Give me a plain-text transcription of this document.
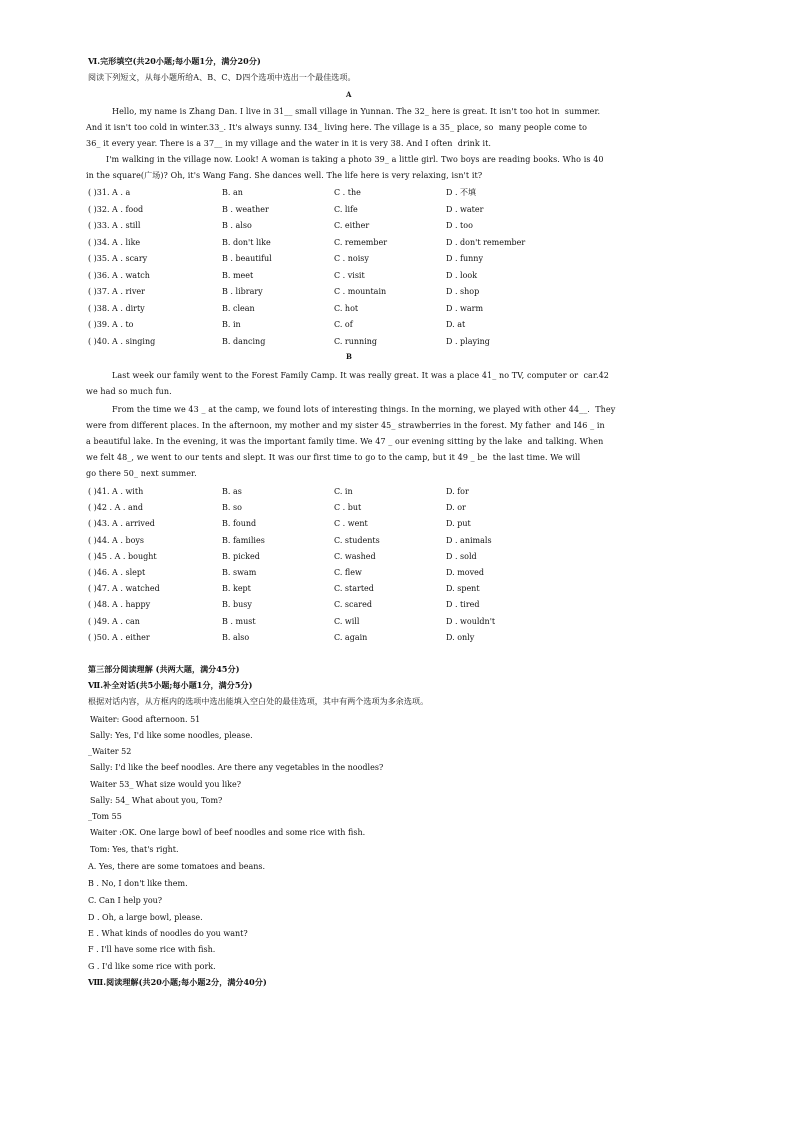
Ⅵ.完形填空(共20小题;每小题1分，满分20分)
阅读下列短文，从每小题所给A、B、C、D四个选项中选出一个最佳选项。
A
Hello, my name is Zhang Dan. I live in 31__ small village in Yunnan. The 32_ here is great. It isn't too hot in  summer.
And it isn't too cold in winter.33_. It's always sunny. I34_ living here. The village is a 35_ place, so  many people come to
36_ it every year. There is a 37__ in my village and the water in it is very 38. And I often  drink it.
I'm walking in the village now. Look! A woman is taking a photo 39_ a little girl. Two boys are reading books. Who is 40
in the square(广场)? Oh, it's Wang Fang. She dances well. The life here is very relaxing, isn't it?
( )31. A . a	B. an	C . the	D . 不填
( )32. A . food	B . weather	C. life	D . water
( )33. A . still	B . also	C. either	D . too
( )34. A . like	B. don't like	C. remember	D . don't remember
( )35. A . scary	B . beautiful	C . noisy	D . funny
( )36. A . watch	B. meet	C . visit	D . look
( )37. A . river	B . library	C . mountain	D . shop
( )38. A . dirty	B. clean	C. hot	D . warm
( )39. A . to	B. in	C. of	D. at
( )40. A . singing	B. dancing	C. running	D . playing
B
Last week our family went to the Forest Family Camp. It was really great. It was a place 41_ no TV, computer or  car.42
we had so much fun.
From the time we 43 _ at the camp, we found lots of interesting things. In the morning, we played with other 44__.  They
were from different places. In the afternoon, my mother and my sister 45_ strawberries in the forest. My father  and I46 _ in
a beautiful lake. In the evening, it was the important family time. We 47 _ our evening sitting by the lake  and talking. When
we felt 48_, we went to our tents and slept. It was our first time to go to the camp, but it 49 _ be  the last time. We will
go there 50_ next summer.
( )41. A . with	B. as	C. in	D. for
( )42 . A . and	B. so	C . but	D. or
( )43. A . arrived	B. found	C . went	D. put
( )44. A . boys	B. families	C. students	D . animals
( )45 . A . bought	B. picked	C. washed	D . sold
( )46. A . slept	B. swam	C. flew	D. moved
( )47. A . watched	B. kept	C. started	D. spent
( )48. A . happy	B. busy	C. scared	D . tired
( )49. A . can	B . must	C. will	D . wouldn't
( )50. A . either	B. also	C. again	D. only
第三部分阅读理解 (共两大题，满分45分)
Ⅶ.补全对话(共5小题;每小题1分，满分5分)
根据对话内容，从方框内的选项中选出能填入空白处的最佳选项，其中有两个选项为多余选项。
Waiter: Good afternoon. 51
Sally: Yes, I'd like some noodles, please.
_Waiter 52
Sally: I'd like the beef noodles. Are there any vegetables in the noodles?
Waiter 53_ What size would you like?
Sally: 54_ What about you, Tom?
_Tom 55
Waiter :OK. One large bowl of beef noodles and some rice with fish.
Tom: Yes, that's right.
A. Yes, there are some tomatoes and beans.
B . No, I don't like them.
C. Can I help you?
D . Oh, a large bowl, please.
E . What kinds of noodles do you want?
F . I'll have some rice with fish.
G . I'd like some rice with pork.
Ⅷ.阅读理解(共20小题;每小题2分，满分40分)
